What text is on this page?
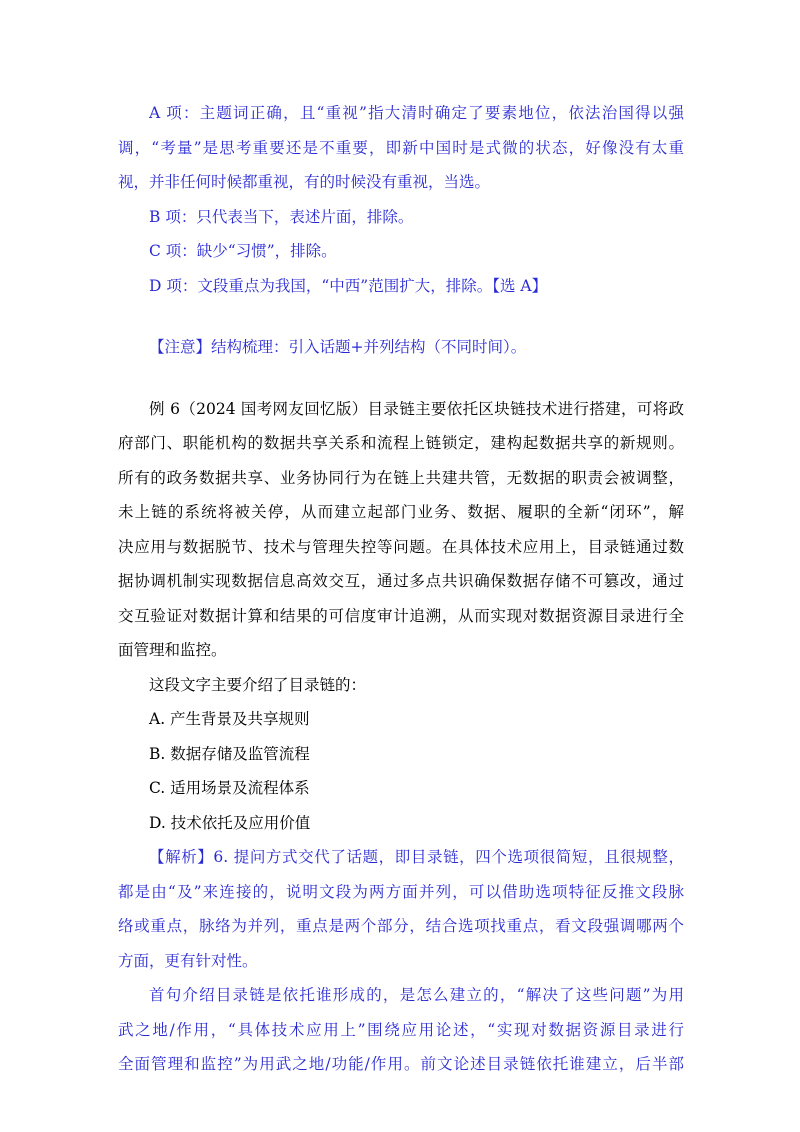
A 项：主题词正确，且“重视”指大清时确定了要素地位，依法治国得以强

调，“考量”是思考重要还是不重要，即新中国时是式微的状态，好像没有太重

视，并非任何时候都重视，有的时候没有重视，当选。

B 项：只代表当下，表述片面，排除。

C 项：缺少“习惯”，排除。

D 项：文段重点为我国，“中西”范围扩大，排除。【选 A】

【注意】结构梳理：引入话题+并列结构（不同时间）。

例 6（2024 国考网友回忆版）目录链主要依托区块链技术进行搭建，可将政

府部门、职能机构的数据共享关系和流程上链锁定，建构起数据共享的新规则。

所有的政务数据共享、业务协同行为在链上共建共管，无数据的职责会被调整，

未上链的系统将被关停，从而建立起部门业务、数据、履职的全新“闭环”，解

决应用与数据脱节、技术与管理失控等问题。在具体技术应用上，目录链通过数

据协调机制实现数据信息高效交互，通过多点共识确保数据存储不可篡改，通过

交互验证对数据计算和结果的可信度审计追溯，从而实现对数据资源目录进行全

面管理和监控。

这段文字主要介绍了目录链的：

A. 产生背景及共享规则

B. 数据存储及监管流程

C. 适用场景及流程体系

D. 技术依托及应用价值

【解析】6. 提问方式交代了话题，即目录链，四个选项很简短，且很规整，

都是由“及”来连接的，说明文段为两方面并列，可以借助选项特征反推文段脉

络或重点，脉络为并列，重点是两个部分，结合选项找重点，看文段强调哪两个

方面，更有针对性。

首句介绍目录链是依托谁形成的，是怎么建立的，“解决了这些问题”为用

武之地/作用，“具体技术应用上”围绕应用论述，“实现对数据资源目录进行

全面管理和监控”为用武之地/功能/作用。前文论述目录链依托谁建立，后半部
